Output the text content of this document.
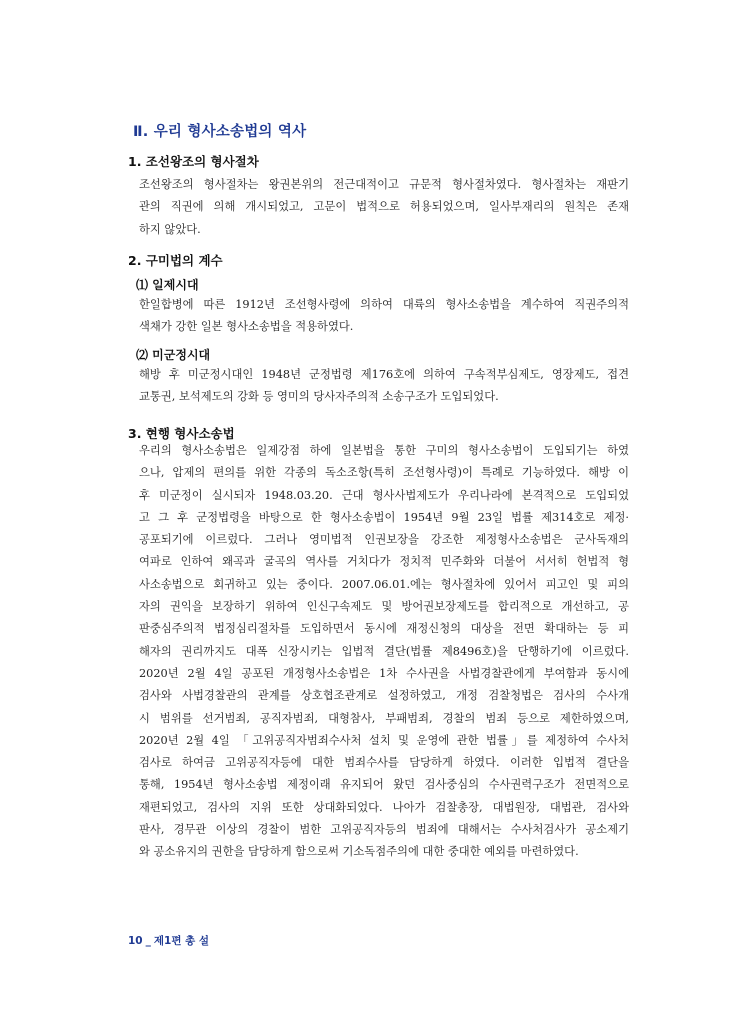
Ⅱ. 우리 형사소송법의 역사
1. 조선왕조의 형사절차
조선왕조의 형사절차는 왕권본위의 전근대적이고 규문적 형사절차였다. 형사절차는 재판기
관의 직권에 의해 개시되었고, 고문이 법적으로 허용되었으며, 일사부재리의 원칙은 존재
하지 않았다.
2. 구미법의 계수
⑴ 일제시대
한일합병에 따른 1912년 조선형사령에 의하여 대륙의 형사소송법을 계수하여 직권주의적
색채가 강한 일본 형사소송법을 적용하였다.
⑵ 미군정시대
해방 후 미군정시대인 1948년 군정법령 제176호에 의하여 구속적부심제도, 영장제도, 접견
교통권, 보석제도의 강화 등 영미의 당사자주의적 소송구조가 도입되었다.
3. 현행 형사소송법
우리의 형사소송법은 일제강점 하에 일본법을 통한 구미의 형사소송법이 도입되기는 하였
으나, 압제의 편의를 위한 각종의 독소조항(특히 조선형사령)이 특례로 기능하였다. 해방 이
후 미군정이 실시되자 1948.03.20. 근대 형사사법제도가 우리나라에 본격적으로 도입되었
고 그 후 군정법령을 바탕으로 한 형사소송법이 1954년 9월 23일 법률 제314호로 제정·
공포되기에 이르렀다. 그러나 영미법적 인권보장을 강조한 제정형사소송법은 군사독재의
여파로 인하여 왜곡과 굴곡의 역사를 거치다가 정치적 민주화와 더불어 서서히 헌법적 형
사소송법으로 회귀하고 있는 중이다. 2007.06.01.에는 형사절차에 있어서 피고인 및 피의
자의 권익을 보장하기 위하여 인신구속제도 및 방어권보장제도를 합리적으로 개선하고, 공
판중심주의적 법정심리절차를 도입하면서 동시에 재정신청의 대상을 전면 확대하는 등 피
해자의 권리까지도 대폭 신장시키는 입법적 결단(법률 제8496호)을 단행하기에 이르렀다.
2020년 2월 4일 공포된 개정형사소송법은 1차 수사권을 사법경찰관에게 부여함과 동시에
검사와 사법경찰관의 관계를 상호협조관계로 설정하였고, 개정 검찰청법은 검사의 수사개
시 범위를 선거범죄, 공직자범죄, 대형참사, 부패범죄, 경찰의 범죄 등으로 제한하였으며,
2020년 2월 4일 「고위공직자범죄수사처 설치 및 운영에 관한 법률」를 제정하여 수사처
검사로 하여금 고위공직자등에 대한 범죄수사를 담당하게 하였다. 이러한 입법적 결단을
통해, 1954년 형사소송법 제정이래 유지되어 왔던 검사중심의 수사권력구조가 전면적으로
재편되었고, 검사의 지위 또한 상대화되었다. 나아가 검찰총장, 대법원장, 대법관, 검사와
판사, 경무관 이상의 경찰이 범한 고위공직자등의 범죄에 대해서는 수사처검사가 공소제기
와 공소유지의 권한을 담당하게 함으로써 기소독점주의에 대한 중대한 예외를 마련하였다.
10 _ 제1편 총 설
